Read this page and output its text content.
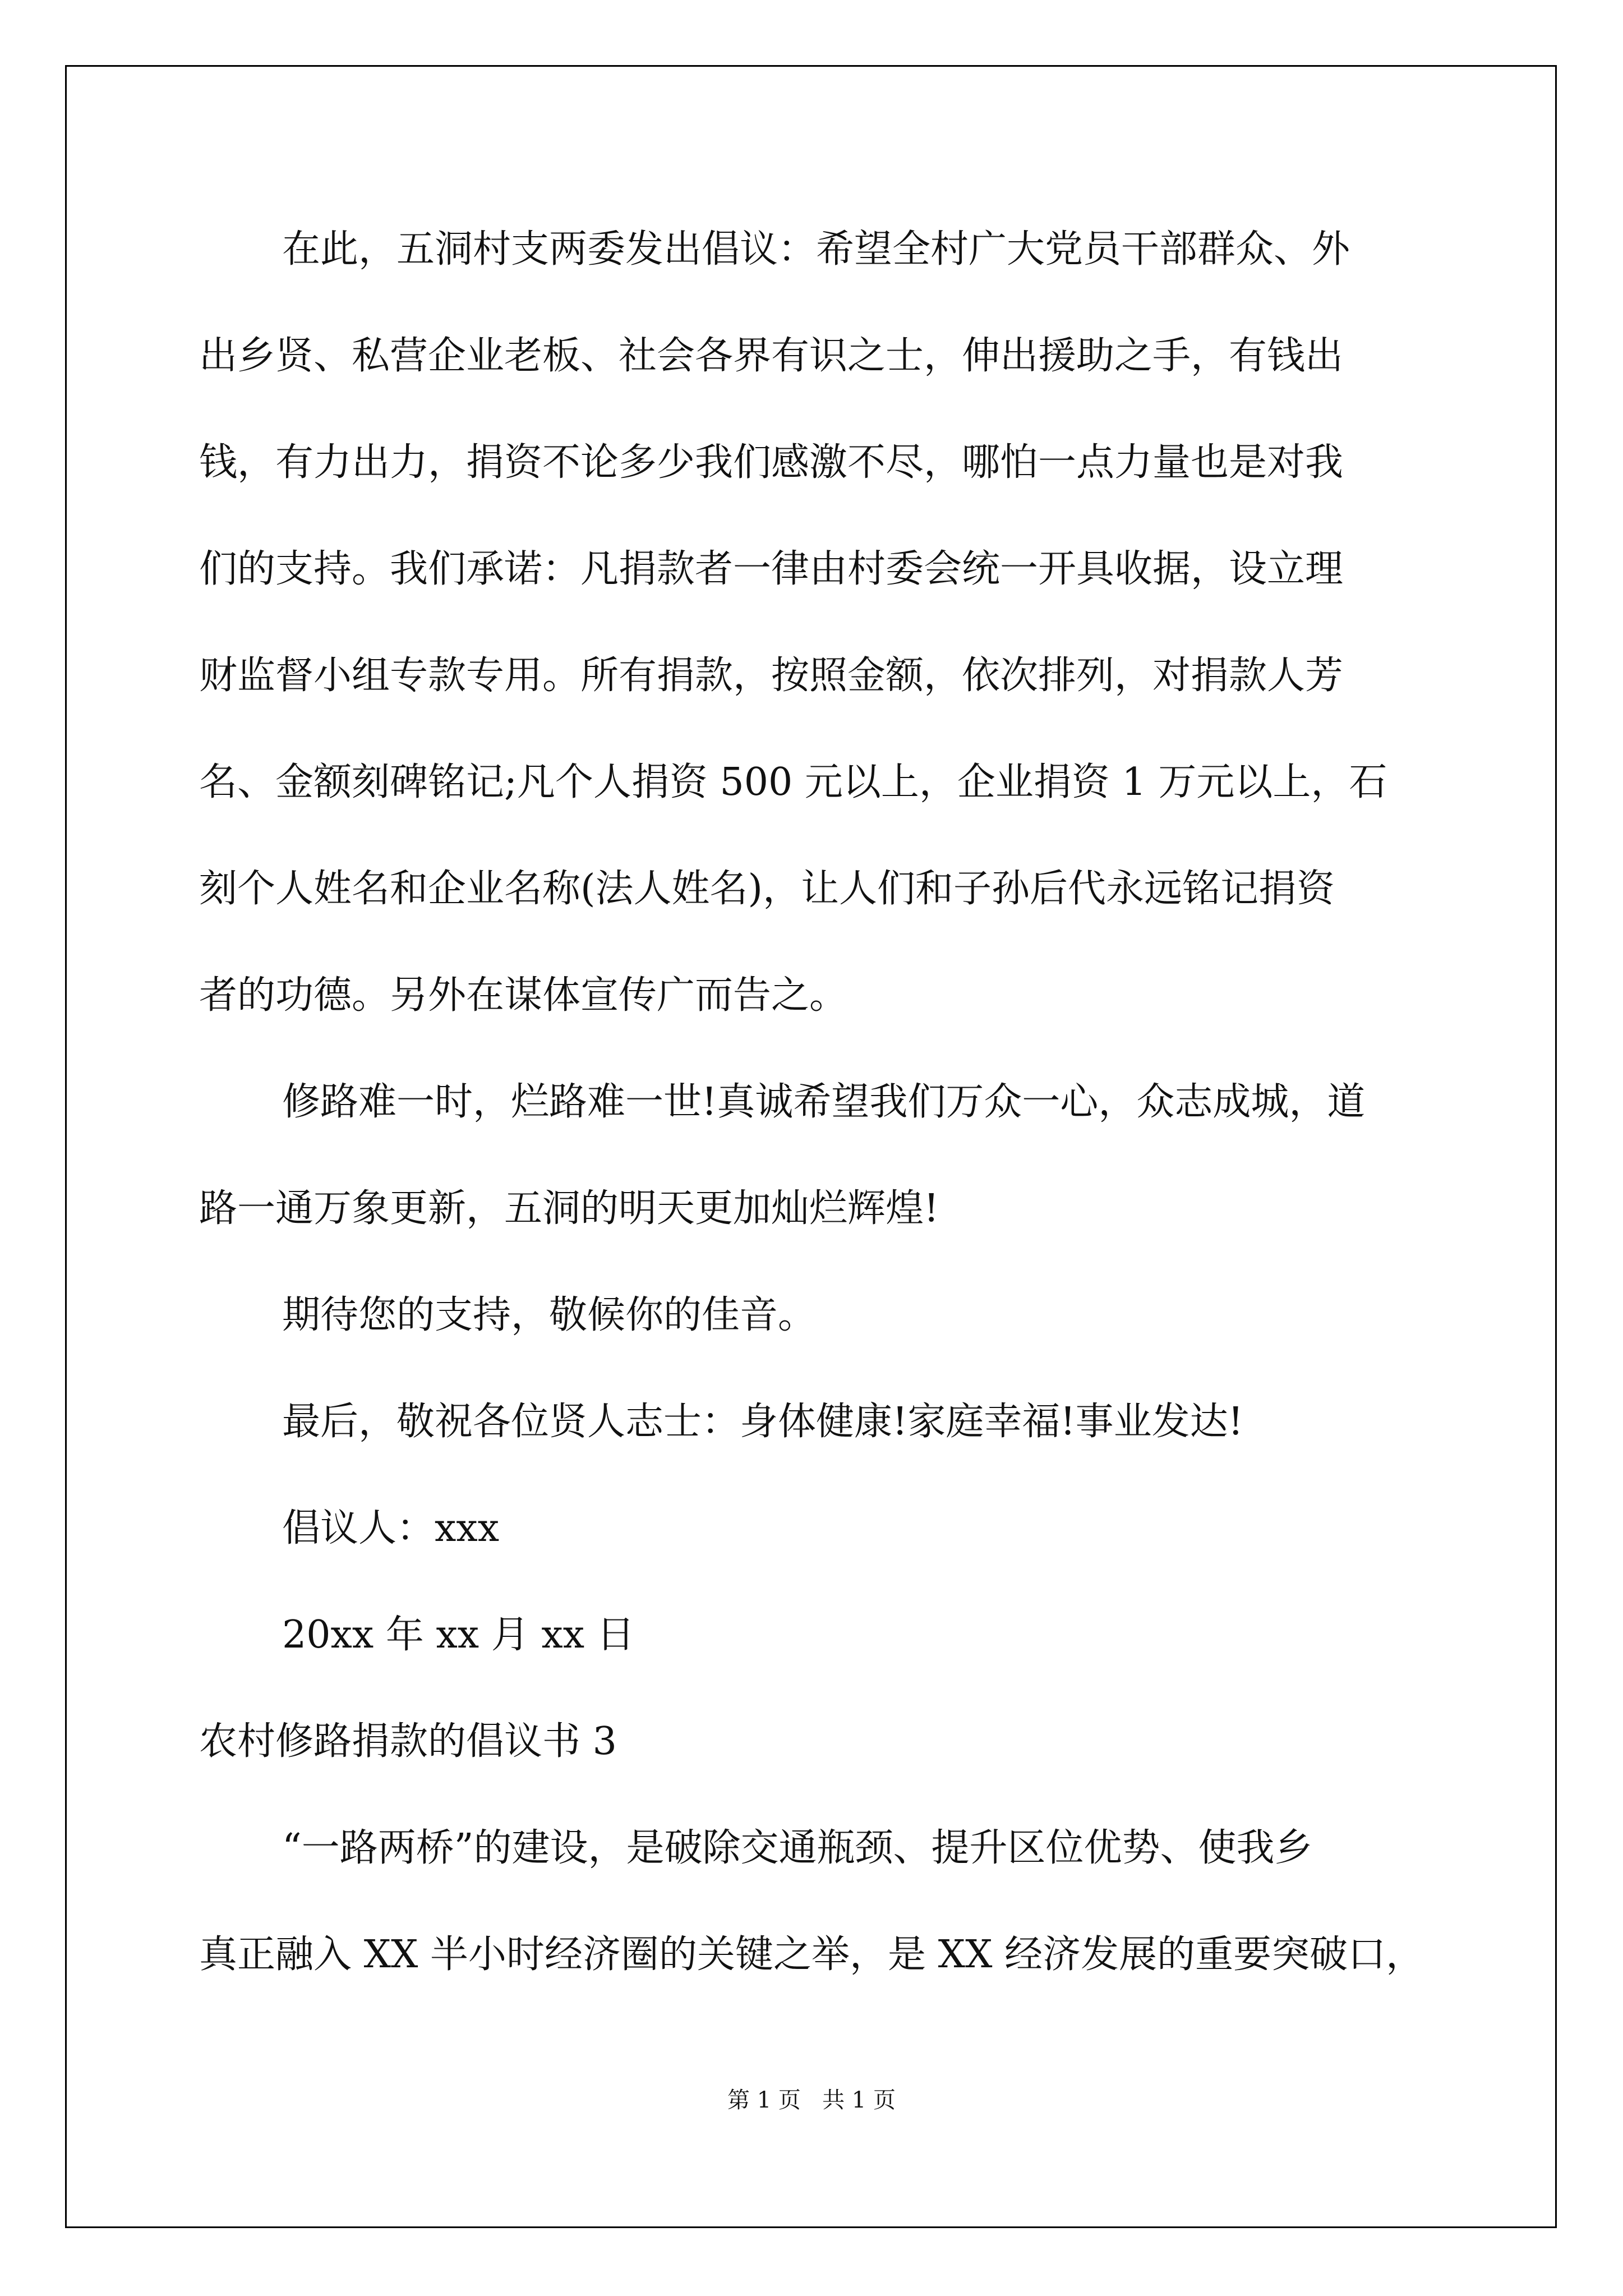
在此，五洞村支两委发出倡议：希望全村广大党员干部群众、外
出乡贤、私营企业老板、社会各界有识之士，伸出援助之手，有钱出
钱，有力出力，捐资不论多少我们感激不尽，哪怕一点力量也是对我
们的支持。我们承诺：凡捐款者一律由村委会统一开具收据，设立理
财监督小组专款专用。所有捐款，按照金额，依次排列，对捐款人芳
名、金额刻碑铭记;凡个人捐资 500 元以上，企业捐资 1 万元以上，石
刻个人姓名和企业名称(法人姓名)，让人们和子孙后代永远铭记捐资
者的功德。另外在谋体宣传广而告之。
修路难一时，烂路难一世!真诚希望我们万众一心，众志成城，道
路一通万象更新，五洞的明天更加灿烂辉煌!
期待您的支持，敬候你的佳音。
最后，敬祝各位贤人志士：身体健康!家庭幸福!事业发达!
倡议人：xxx
20xx 年 xx 月 xx 日
农村修路捐款的倡议书 3
“一路两桥”的建设，是破除交通瓶颈、提升区位优势、使我乡
真正融入 XX 半小时经济圈的关键之举，是 XX 经济发展的重要突破口，
第 1 页   共 1 页
